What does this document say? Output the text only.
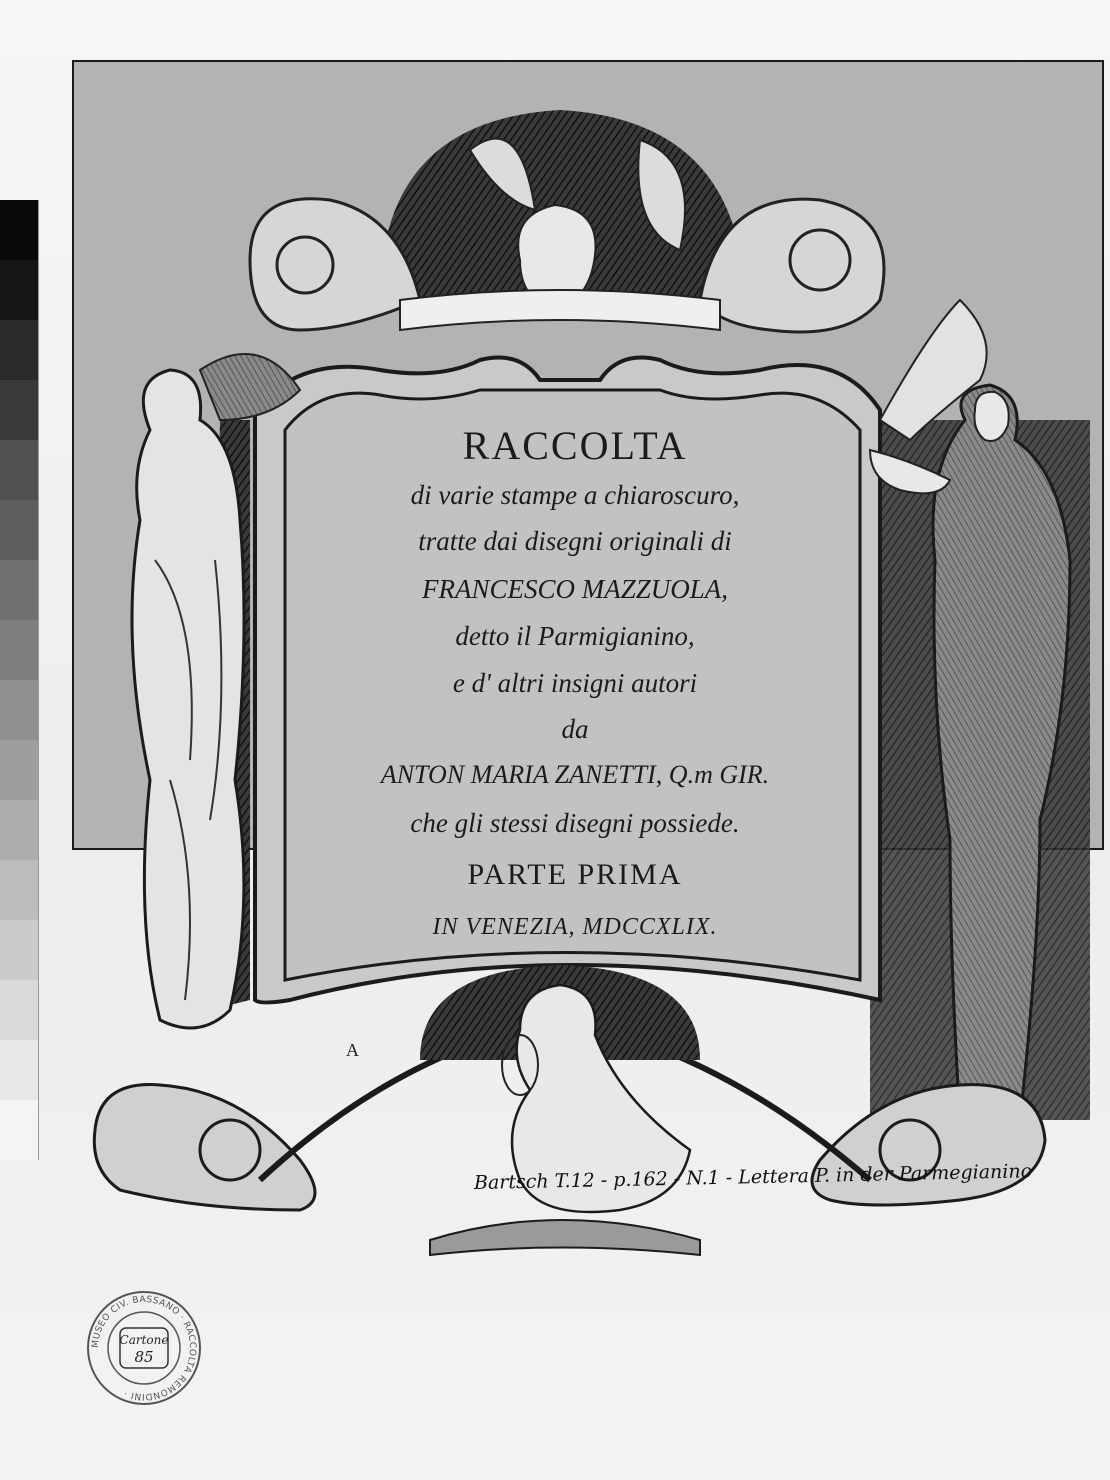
RACCOLTA
di varie stampe a chiaroscuro,
tratte dai disegni originali di
FRANCESCO MAZZUOLA,
detto il Parmigianino,
e d' altri insigni autori
da
ANTON MARIA ZANETTI, Q.m GIR.
che gli stessi disegni possiede.
PARTE PRIMA
IN VENEZIA, MDCCXLIX.
A
Bartsch T.12 - p.162 - N.1 - Lettera P. in der Parmegianino
MUSEO CIV. BASSANO · RACCOLTA REMONDINI ·
Cartone
85
